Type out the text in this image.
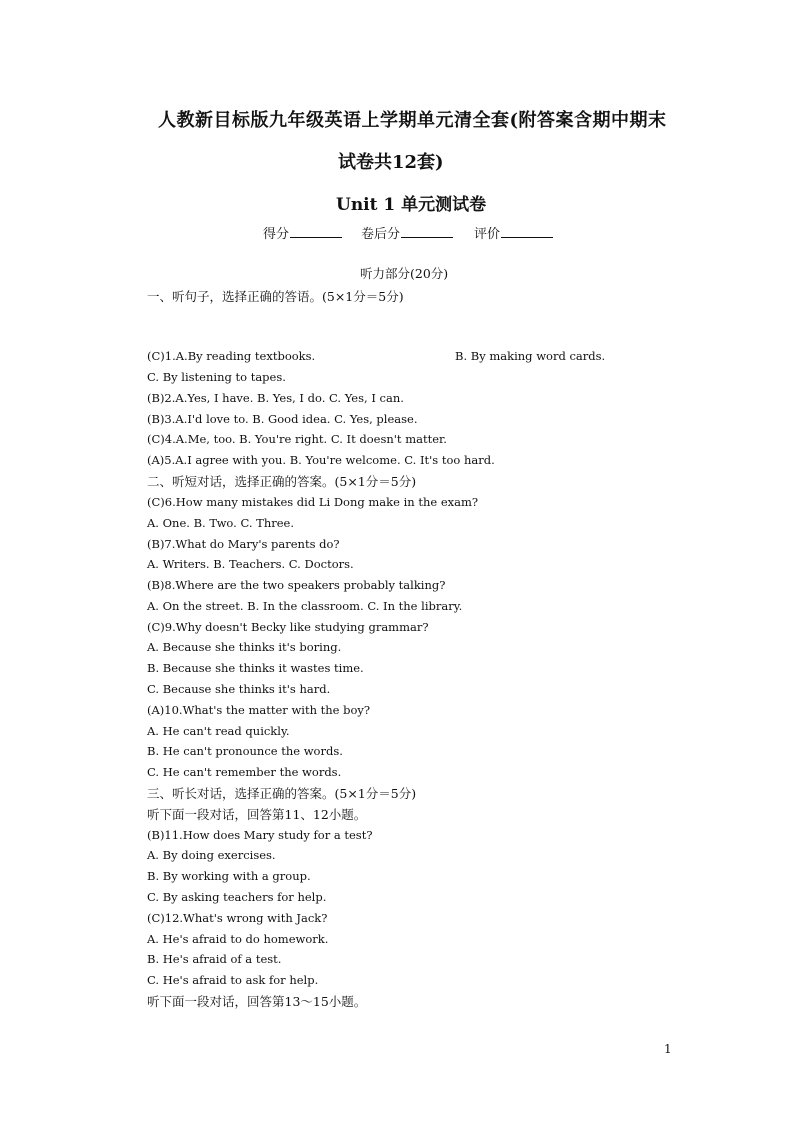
人教新目标版九年级英语上学期单元清全套(附答案含期中期末
试卷共12套)
Unit 1 单元测试卷
得分	卷后分	评价
听力部分(20分)
一、听句子，选择正确的答语。(5×1分＝5分)
(C)1.A.By reading textbooks.	B. By making word cards.
C. By listening to tapes.
(B)2.A.Yes, I have. B. Yes, I do. C. Yes, I can.
(B)3.A.I'd love to. B. Good idea. C. Yes, please.
(C)4.A.Me, too. B. You're right. C. It doesn't matter.
(A)5.A.I agree with you. B. You're welcome. C. It's too hard.
二、听短对话，选择正确的答案。(5×1分＝5分)
(C)6.How many mistakes did Li Dong make in the exam?
A. One. B. Two. C. Three.
(B)7.What do Mary's parents do?
A. Writers. B. Teachers. C. Doctors.
(B)8.Where are the two speakers probably talking?
A. On the street. B. In the classroom. C. In the library.
(C)9.Why doesn't Becky like studying grammar?
A. Because she thinks it's boring.
B. Because she thinks it wastes time.
C. Because she thinks it's hard.
(A)10.What's the matter with the boy?
A. He can't read quickly.
B. He can't pronounce the words.
C. He can't remember the words.
三、听长对话，选择正确的答案。(5×1分＝5分)
听下面一段对话，回答第11、12小题。
(B)11.How does Mary study for a test?
A. By doing exercises.
B. By working with a group.
C. By asking teachers for help.
(C)12.What's wrong with Jack?
A. He's afraid to do homework.
B. He's afraid of a test.
C. He's afraid to ask for help.
听下面一段对话，回答第13～15小题。
1
